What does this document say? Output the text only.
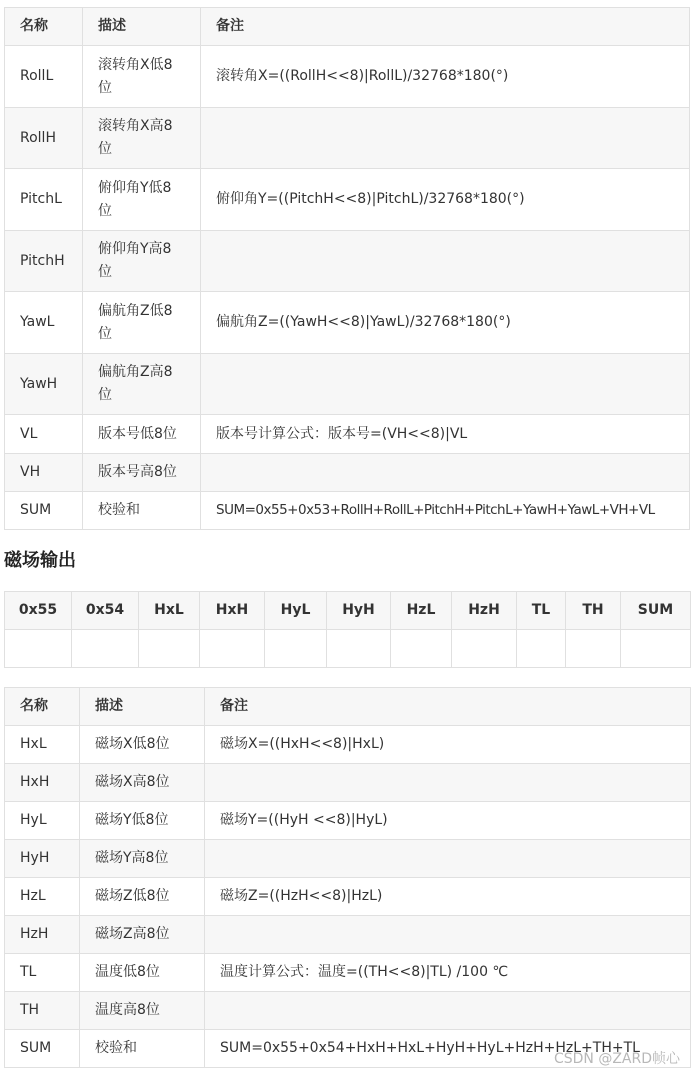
名称	描述	备注
RollL	滚转角X低8位	滚转角X=((RollH<<8)|RollL)/32768*180(°)
RollH	滚转角X高8位	
PitchL	俯仰角Y低8位	俯仰角Y=((PitchH<<8)|PitchL)/32768*180(°)
PitchH	俯仰角Y高8位	
YawL	偏航角Z低8位	偏航角Z=((YawH<<8)|YawL)/32768*180(°)
YawH	偏航角Z高8位	
VL	版本号低8位	版本号计算公式：版本号=(VH<<8)|VL
VH	版本号高8位	
SUM	校验和	SUM=0x55+0x53+RollH+RollL+PitchH+PitchL+YawH+YawL+VH+VL
磁场输出
0x55	0x54	HxL	HxH	HyL	HyH	HzL	HzH	TL	TH	SUM

名称	描述	备注
HxL	磁场X低8位	磁场X=((HxH<<8)|HxL)
HxH	磁场X高8位	
HyL	磁场Y低8位	磁场Y=((HyH <<8)|HyL)
HyH	磁场Y高8位	
HzL	磁场Z低8位	磁场Z=((HzH<<8)|HzL)
HzH	磁场Z高8位	
TL	温度低8位	温度计算公式：温度=((TH<<8)|TL) /100 ℃
TH	温度高8位	
SUM	校验和	SUM=0x55+0x54+HxH+HxL+HyH+HyL+HzH+HzL+TH+TL
CSDN @ZARD帧心
